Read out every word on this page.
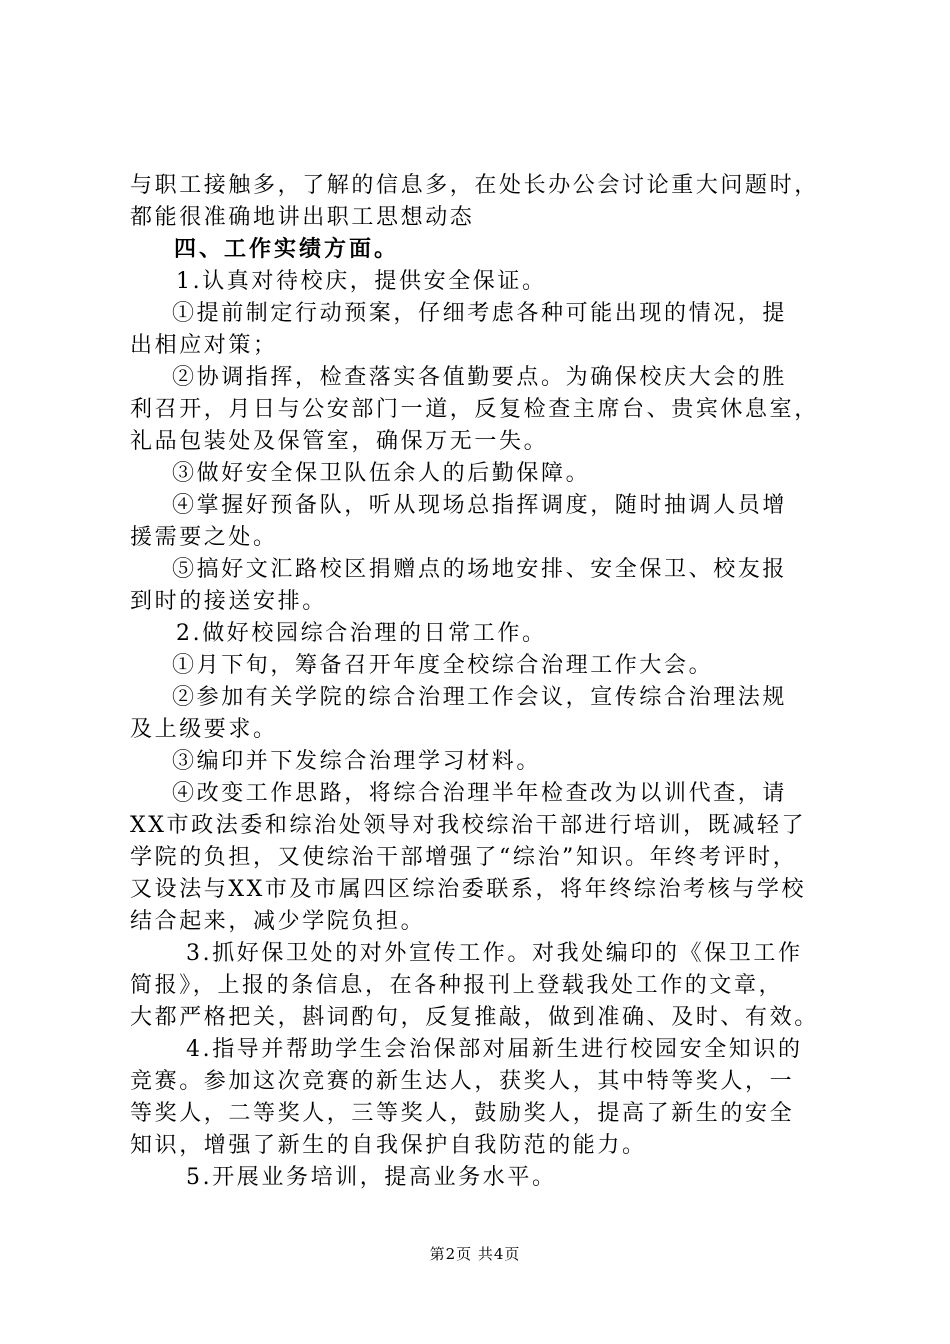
与职工接触多，了解的信息多，在处长办公会讨论重大问题时，
都能很准确地讲出职工思想动态
四、工作实绩方面。
1.认真对待校庆，提供安全保证。
①提前制定行动预案，仔细考虑各种可能出现的情况，提
出相应对策；
②协调指挥，检查落实各值勤要点。为确保校庆大会的胜
利召开，月日与公安部门一道，反复检查主席台、贵宾休息室，
礼品包装处及保管室，确保万无一失。
③做好安全保卫队伍余人的后勤保障。
④掌握好预备队，听从现场总指挥调度，随时抽调人员增
援需要之处。
⑤搞好文汇路校区捐赠点的场地安排、安全保卫、校友报
到时的接送安排。
2.做好校园综合治理的日常工作。
①月下旬，筹备召开年度全校综合治理工作大会。
②参加有关学院的综合治理工作会议，宣传综合治理法规
及上级要求。
③编印并下发综合治理学习材料。
④改变工作思路，将综合治理半年检查改为以训代查，请
XX市政法委和综治处领导对我校综治干部进行培训，既减轻了
学院的负担，又使综治干部增强了“综治”知识。年终考评时，
又设法与XX市及市属四区综治委联系，将年终综治考核与学校
结合起来，减少学院负担。
3.抓好保卫处的对外宣传工作。对我处编印的《保卫工作
简报》，上报的条信息，在各种报刊上登载我处工作的文章，
大都严格把关，斟词酌句，反复推敲，做到准确、及时、有效。
4.指导并帮助学生会治保部对届新生进行校园安全知识的
竞赛。参加这次竞赛的新生达人，获奖人，其中特等奖人，一
等奖人，二等奖人，三等奖人，鼓励奖人，提高了新生的安全
知识，增强了新生的自我保护自我防范的能力。
5.开展业务培训，提高业务水平。
第2页 共4页
